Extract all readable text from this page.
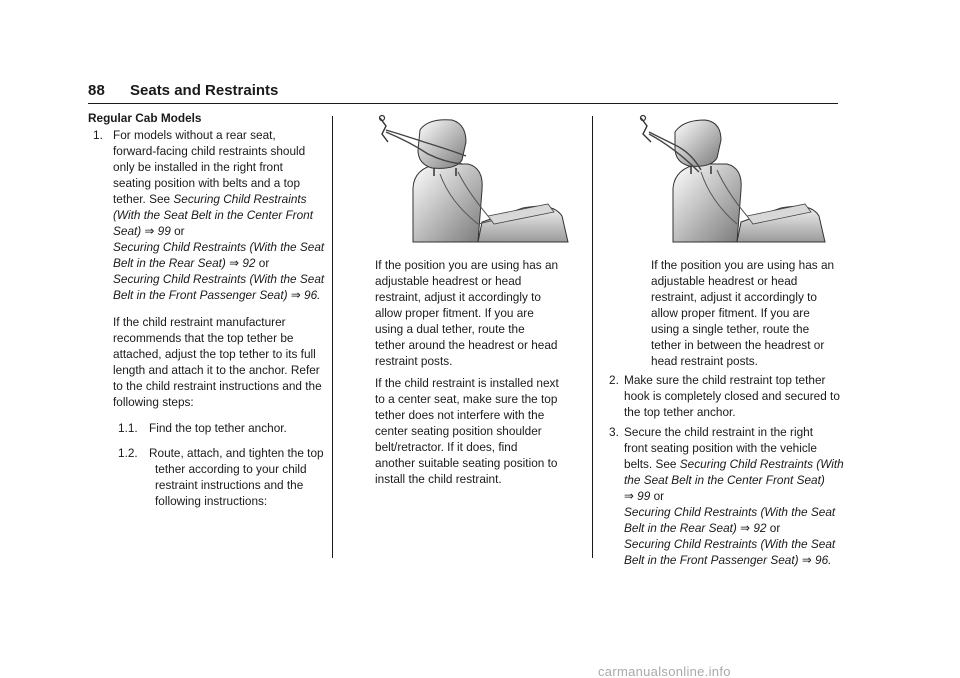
88 Seats and Restraints
Regular Cab Models
1. For models without a rear seat,
forward-facing child restraints should
only be installed in the right front
seating position with belts and a top
tether. See Securing Child Restraints
(With the Seat Belt in the Center Front
Seat) ⇒ 99 or
Securing Child Restraints (With the Seat
Belt in the Rear Seat) ⇒ 92 or
Securing Child Restraints (With the Seat
Belt in the Front Passenger Seat) ⇒ 96.
If the child restraint manufacturer
recommends that the top tether be
attached, adjust the top tether to its full
length and attach it to the anchor. Refer
to the child restraint instructions and the
following steps:
1.1. Find the top tether anchor.
1.2. Route, attach, and tighten the top
tether according to your child
restraint instructions and the
following instructions:
If the position you are using has an
adjustable headrest or head
restraint, adjust it accordingly to
allow proper fitment. If you are
using a dual tether, route the
tether around the headrest or head
restraint posts.
If the child restraint is installed next
to a center seat, make sure the top
tether does not interfere with the
center seating position shoulder
belt/retractor. If it does, find
another suitable seating position to
install the child restraint.
If the position you are using has an
adjustable headrest or head
restraint, adjust it accordingly to
allow proper fitment. If you are
using a single tether, route the
tether in between the headrest or
head restraint posts.
2. Make sure the child restraint top tether
hook is completely closed and secured to
the top tether anchor.
3. Secure the child restraint in the right
front seating position with the vehicle
belts. See Securing Child Restraints (With
the Seat Belt in the Center Front Seat)
⇒ 99 or
Securing Child Restraints (With the Seat
Belt in the Rear Seat) ⇒ 92 or
Securing Child Restraints (With the Seat
Belt in the Front Passenger Seat) ⇒ 96.
carmanualsonline.info
